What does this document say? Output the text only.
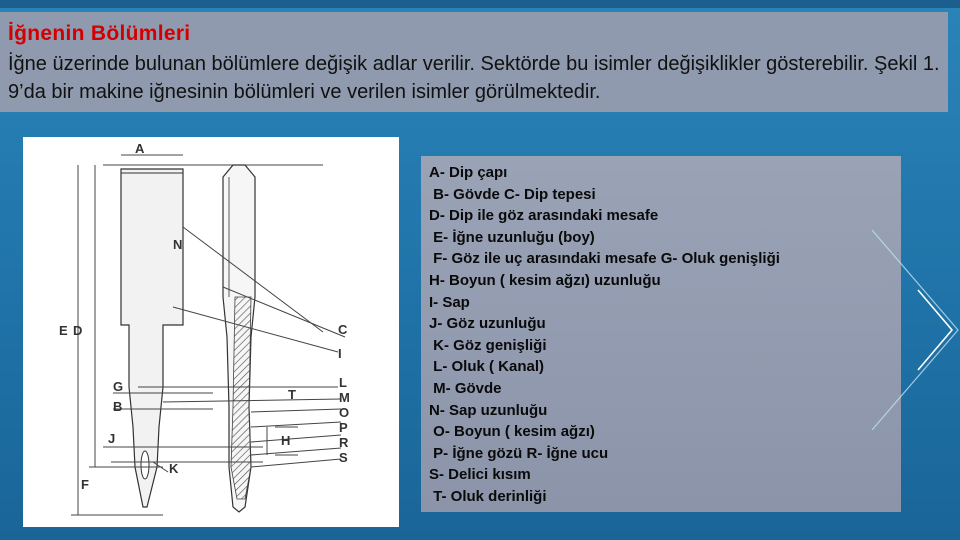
İğnenin Bölümleri

İğne üzerinde bulunan bölümlere değişik adlar verilir. Sektörde bu isimler değişiklikler gösterebilir. Şekil 1. 9’da bir makine iğnesinin bölümleri ve verilen isimler görülmektedir.

A
N
E D	C
I
G
B
T
L
M
O
P
R
S
H
J
K
F
A- Dip çapı
B- Gövde C- Dip tepesi
D- Dip ile göz arasındaki mesafe
E- İğne uzunluğu (boy)
F- Göz ile uç arasındaki mesafe G- Oluk genişliği
H- Boyun ( kesim ağzı) uzunluğu
I- Sap
J- Göz uzunluğu
K- Göz genişliği
L- Oluk ( Kanal)
M- Gövde
N- Sap uzunluğu
O- Boyun ( kesim ağzı)
P- İğne gözü R- İğne ucu
S- Delici kısım
T- Oluk derinliği
